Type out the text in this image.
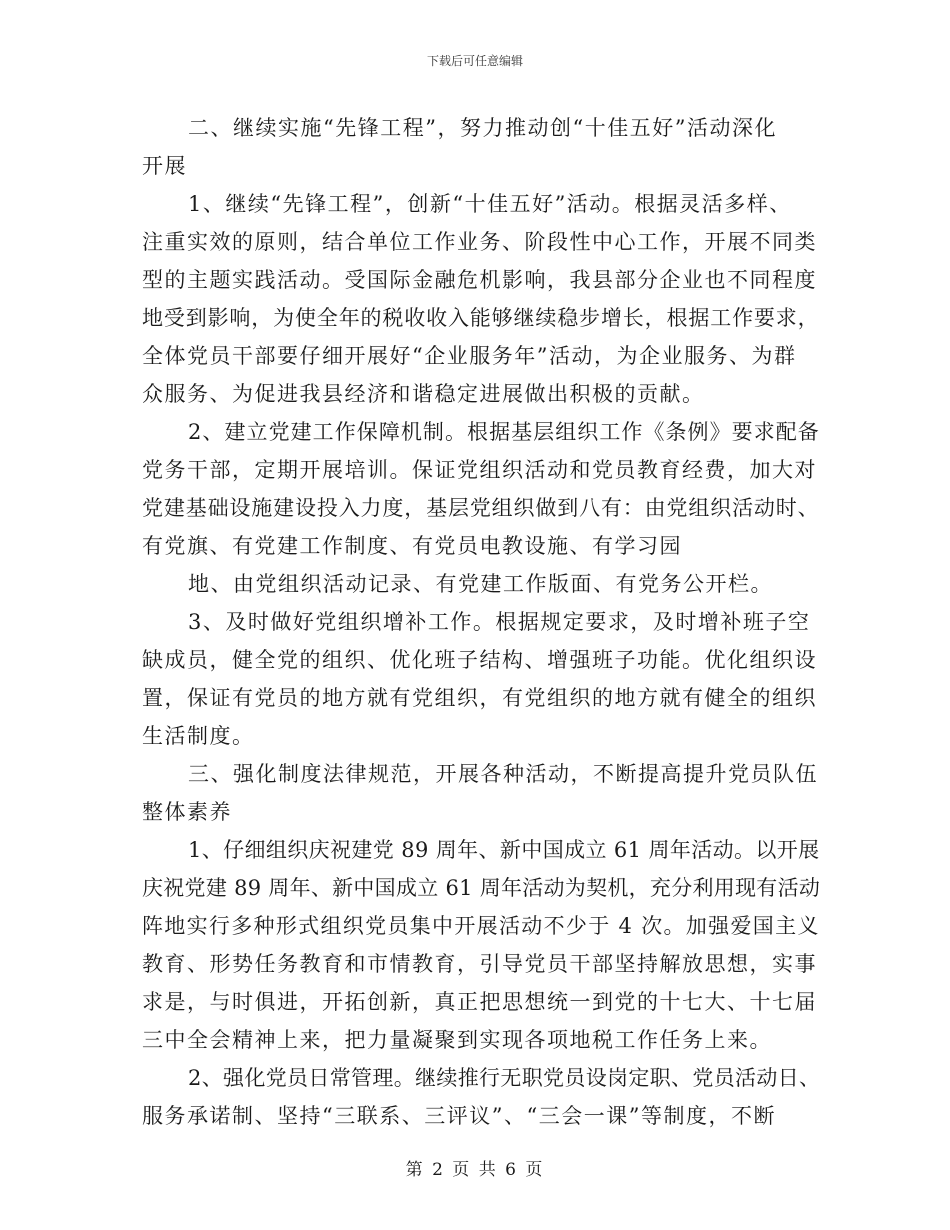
下载后可任意编辑
二、继续实施“先锋工程”，努力推动创“十佳五好”活动深化
开展
1、继续“先锋工程”，创新“十佳五好”活动。根据灵活多样、
注重实效的原则，结合单位工作业务、阶段性中心工作，开展不同类
型的主题实践活动。受国际金融危机影响，我县部分企业也不同程度
地受到影响，为使全年的税收收入能够继续稳步增长，根据工作要求，
全体党员干部要仔细开展好“企业服务年”活动，为企业服务、为群
众服务、为促进我县经济和谐稳定进展做出积极的贡献。
2、建立党建工作保障机制。根据基层组织工作《条例》要求配备
党务干部，定期开展培训。保证党组织活动和党员教育经费，加大对
党建基础设施建设投入力度，基层党组织做到八有：由党组织活动时、
有党旗、有党建工作制度、有党员电教设施、有学习园
地、由党组织活动记录、有党建工作版面、有党务公开栏。
3、及时做好党组织增补工作。根据规定要求，及时增补班子空
缺成员，健全党的组织、优化班子结构、增强班子功能。优化组织设
置，保证有党员的地方就有党组织，有党组织的地方就有健全的组织
生活制度。
三、强化制度法律规范，开展各种活动，不断提高提升党员队伍
整体素养
1、仔细组织庆祝建党 89 周年、新中国成立 61 周年活动。以开展
庆祝党建 89 周年、新中国成立 61 周年活动为契机，充分利用现有活动
阵地实行多种形式组织党员集中开展活动不少于 4 次。加强爱国主义
教育、形势任务教育和市情教育，引导党员干部坚持解放思想，实事
求是，与时俱进，开拓创新，真正把思想统一到党的十七大、十七届
三中全会精神上来，把力量凝聚到实现各项地税工作任务上来。
2、强化党员日常管理。继续推行无职党员设岗定职、党员活动日、
服务承诺制、坚持“三联系、三评议”、“三会一课”等制度，不断
第 2 页 共 6 页
